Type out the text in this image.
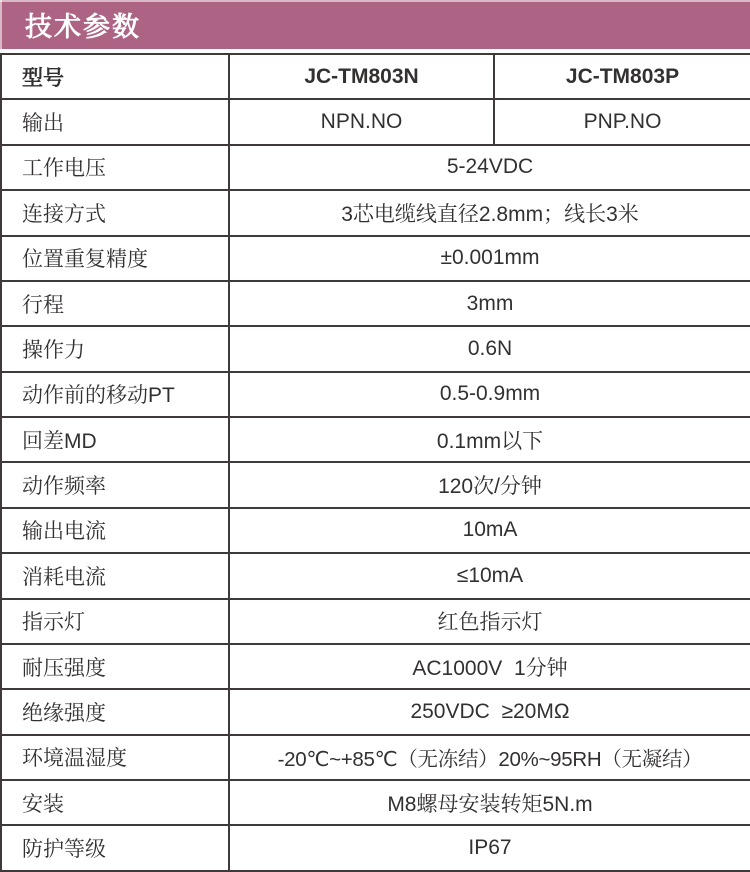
技术参数
型号	JC-TM803N	JC-TM803P
输出	NPN.NO	PNP.NO
工作电压	5-24VDC	
连接方式	3芯电缆线直径2.8mm；线长3米	
位置重复精度	±0.001mm	
行程	3mm	
操作力	0.6N	
动作前的移动PT	0.5-0.9mm	
回差MD	0.1mm以下	
动作频率	120次/分钟	
输出电流	10mA	
消耗电流	≤10mA	
指示灯	红色指示灯	
耐压强度	AC1000V  1分钟	
绝缘强度	250VDC  ≥20MΩ	
环境温湿度	-20℃~+85℃（无冻结）20%~95RH（无凝结）	
安装	M8螺母安装转矩5N.m	
防护等级	IP67	
